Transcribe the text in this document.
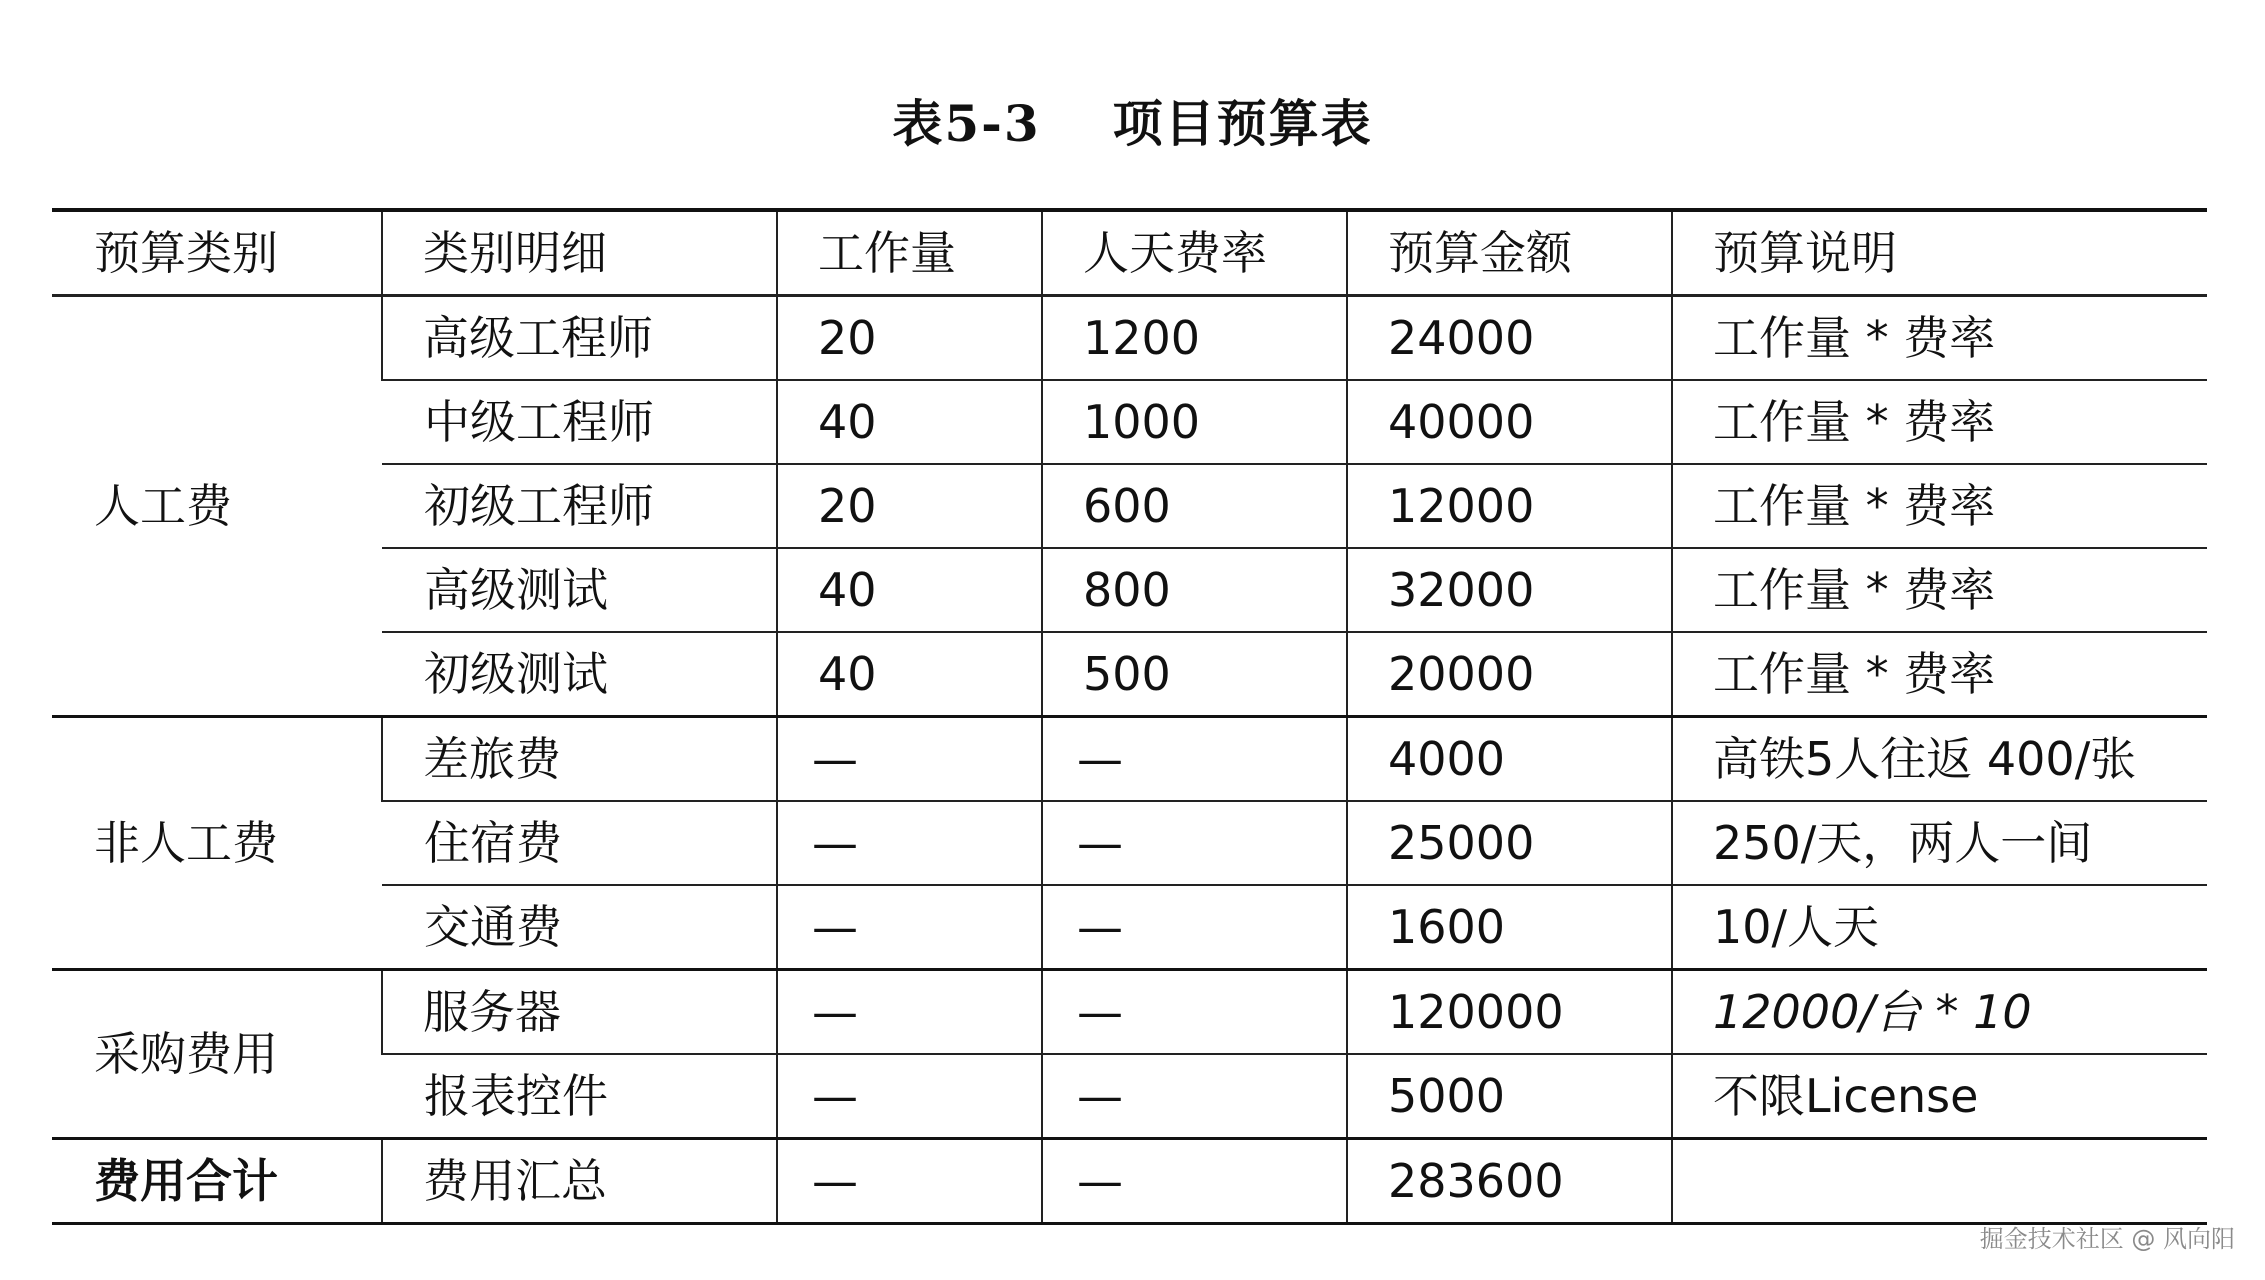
表5-3 项目预算表
预算类别	类别明细	工作量	人天费率	预算金额	预算说明
人工费	高级工程师	20	1200	24000	工作量 * 费率
	中级工程师	40	1000	40000	工作量 * 费率
	初级工程师	20	600	12000	工作量 * 费率
	高级测试	40	800	32000	工作量 * 费率
	初级测试	40	500	20000	工作量 * 费率
非人工费	差旅费	—	—	4000	高铁5人往返 400/张
	住宿费	—	—	25000	250/天，两人一间
	交通费	—	—	1600	10/人天
采购费用	服务器	—	—	120000	12000/台 * 10
	报表控件	—	—	5000	不限License
费用合计	费用汇总	—	—	283600	
掘金技术社区 @ 风向阳
